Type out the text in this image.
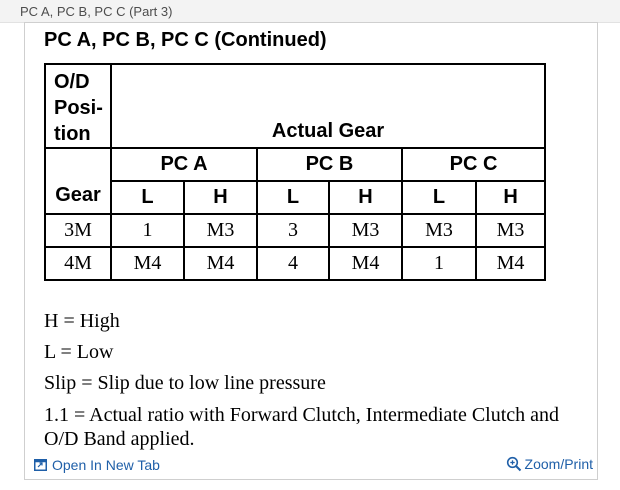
PC A, PC B, PC C (Part 3)
PC A, PC B, PC C (Continued)
O/D
Posi-
tion	Actual Gear					
Gear	PC A		PC B		PC C	
	L	H	L	H	L	H
3M	1	M3	3	M3	M3	M3
4M	M4	M4	4	M4	1	M4

H = High

L = Low

Slip = Slip due to low line pressure

1.1 = Actual ratio with Forward Clutch, Intermediate Clutch and O/D Band applied.

Open In New Tab	Zoom/Print
